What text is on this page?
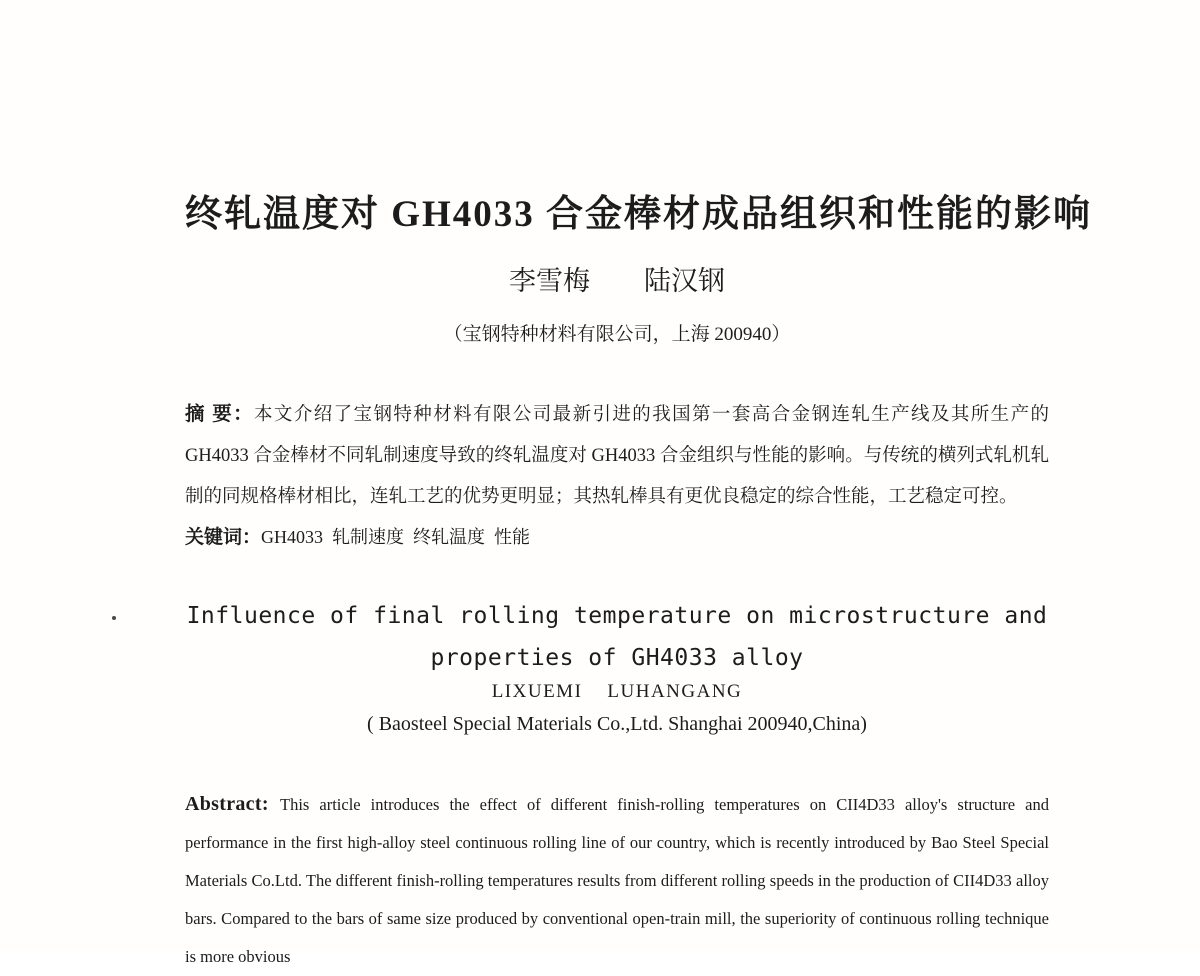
终轧温度对 GH4033 合金棒材成品组织和性能的影响
李雪梅　　陆汉钢
（宝钢特种材料有限公司，上海 200940）

摘 要：本文介绍了宝钢特种材料有限公司最新引进的我国第一套高合金钢连轧生产线及其所生产的GH4033 合金棒材不同轧制速度导致的终轧温度对 GH4033 合金组织与性能的影响。与传统的横列式轧机轧制的同规格棒材相比，连轧工艺的优势更明显；其热轧棒具有更优良稳定的综合性能，工艺稳定可控。

关键词：GH4033  轧制速度  终轧温度  性能
Influence of final rolling temperature on microstructure and
properties of GH4033 alloy
LIXUEMI    LUHANGANG
( Baosteel Special Materials Co.,Ltd. Shanghai 200940,China)

Abstract: This article introduces the effect of different finish-rolling temperatures on CII4D33 alloy's structure and performance in the first high-alloy steel continuous rolling line of our country, which is recently introduced by Bao Steel Special Materials Co.Ltd. The different finish-rolling temperatures results from different rolling speeds in the production of CII4D33 alloy bars. Compared to the bars of same size produced by conventional open-train mill, the superiority of continuous rolling technique is more obvious
